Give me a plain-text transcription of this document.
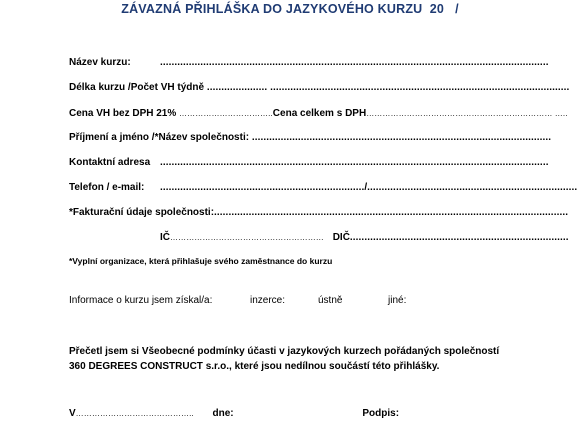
ZÁVAZNÁ PŘIHLÁŠKA DO JAZYKOVÉHO KURZU  20 /
Název kurzu:	.......................................................................................................................................
Délka kurzu /Počet VH týdně ..................... ........................................................................................................
Cena VH bez DPH 21% ……………………………..Cena celkem s DPH…………………………………………………………… …..
Příjmení a jméno /*Název společnosti: ........................................................................................................
Kontaktní adresa .......................................................................................................................................
Telefon / e-mail: ......................................................................./.........................................................................
*Fakturační údaje společnosti:...........................................................................................................................
IČ………………………………………………… DIČ............................................................................
*Vyplní organizace, která přihlašuje svého zaměstnance do kurzu
Informace o kurzu jsem získal/a:	inzerce:	ústně	jiné:
Přečetl jsem si Všeobecné podmínky účasti v jazykových kurzech pořádaných společností
360 DEGREES CONSTRUCT s.r.o., které jsou nedílnou součástí této přihlášky.
V…………………………………….. dne:	Podpis:
